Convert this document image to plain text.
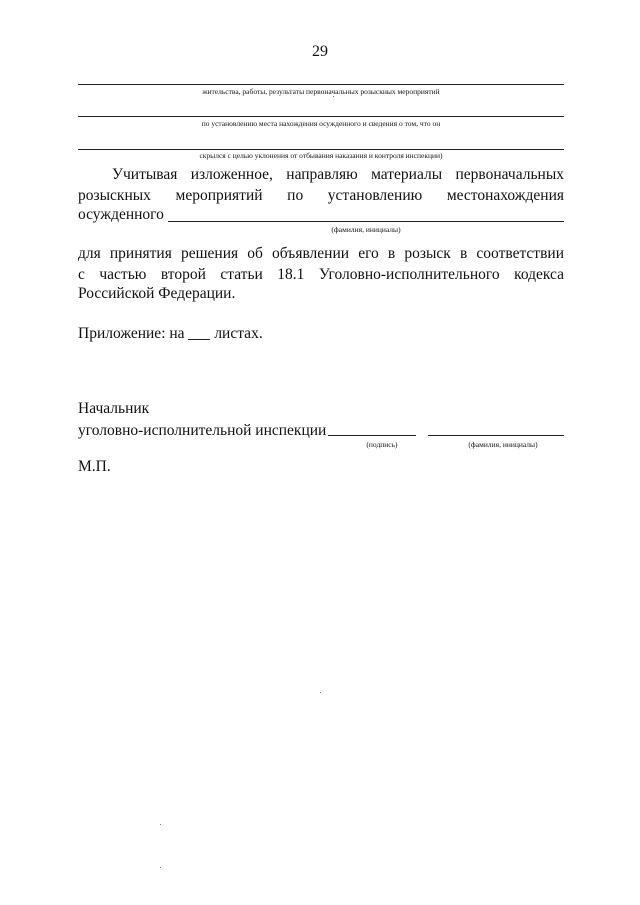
29
жительства, работы, результаты первоначальных розыскных мероприятий
по установлению места нахождения осужденного и сведения о том, что он
скрылся с целью уклонения от отбывания наказания и контроля инспекции)
Учитывая изложенное, направляю материалы первоначальных
розыскных мероприятий по установлению местонахождения
осужденного
(фамилия, инициалы)
для принятия решения об объявлении его в розыск в соответствии
с частью второй статьи 18.1 Уголовно-исполнительного кодекса
Российской Федерации.
Приложение: на листах.
Начальник
уголовно-исполнительной инспекции
(подпись)	(фамилия, инициалы)
М.П.
